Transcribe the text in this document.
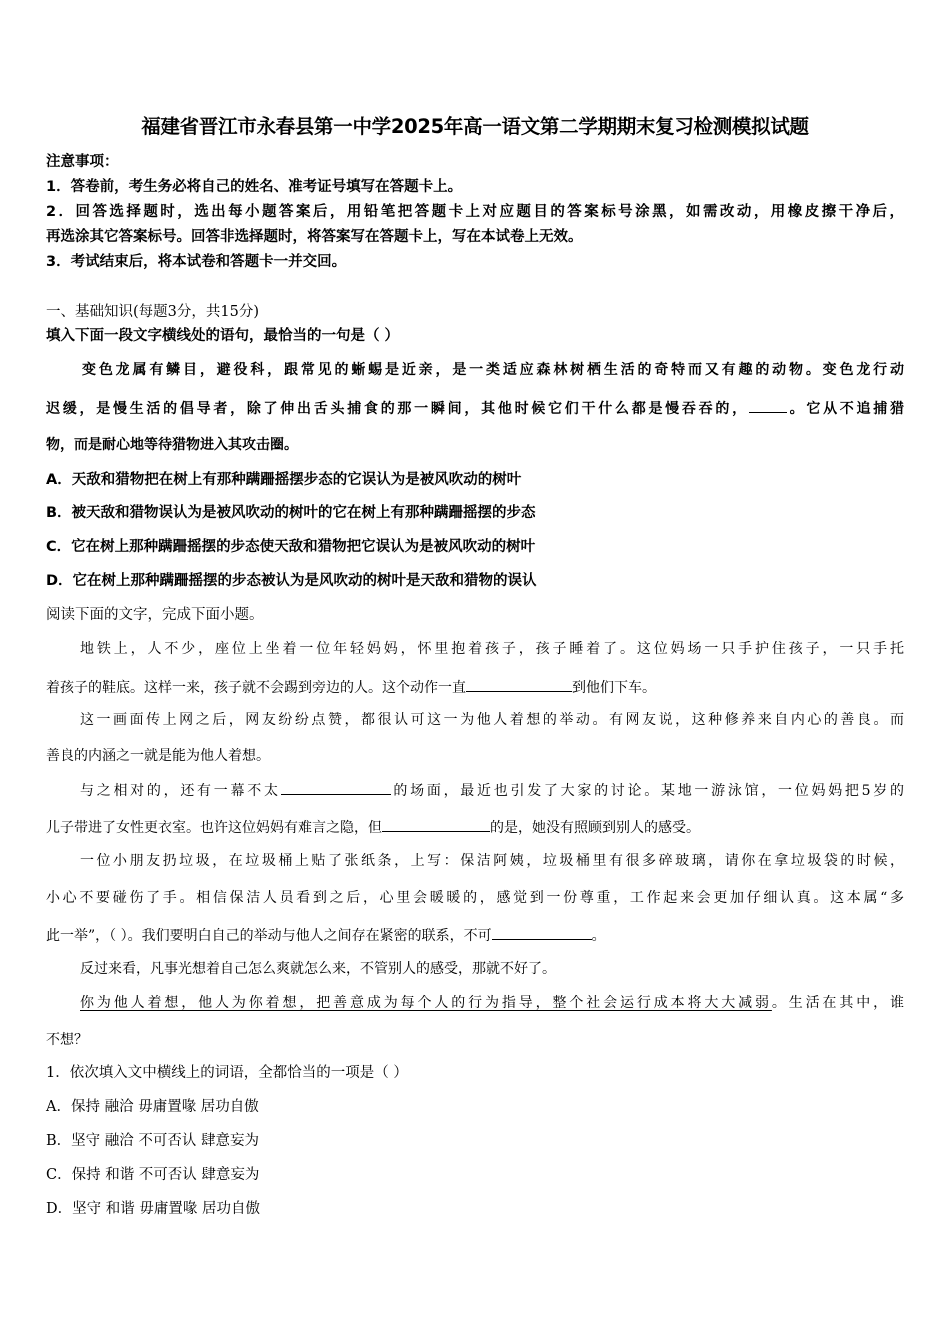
福建省晋江市永春县第一中学2025年高一语文第二学期期末复习检测模拟试题
注意事项：
1．答卷前，考生务必将自己的姓名、准考证号填写在答题卡上。
2．回答选择题时，选出每小题答案后，用铅笔把答题卡上对应题目的答案标号涂黑，如需改动，用橡皮擦干净后，
再选涂其它答案标号。回答非选择题时，将答案写在答题卡上，写在本试卷上无效。
3．考试结束后，将本试卷和答题卡一并交回。
一、基础知识(每题3分，共15分)
填入下面一段文字横线处的语句，最恰当的一句是（ ）
变色龙属有鳞目，避役科，跟常见的蜥蜴是近亲，是一类适应森林树栖生活的奇特而又有趣的动物。变色龙行动
迟缓，是慢生活的倡导者，除了伸出舌头捕食的那一瞬间，其他时候它们干什么都是慢吞吞的，	。它从不追捕猎
物，而是耐心地等待猎物进入其攻击圈。
A．天敌和猎物把在树上有那种蹒跚摇摆步态的它误认为是被风吹动的树叶
B．被天敌和猎物误认为是被风吹动的树叶的它在树上有那种蹒跚摇摆的步态
C．它在树上那种蹒跚摇摆的步态使天敌和猎物把它误认为是被风吹动的树叶
D．它在树上那种蹒跚摇摆的步态被认为是风吹动的树叶是天敌和猎物的误认
阅读下面的文字，完成下面小题。
地铁上，人不少，座位上坐着一位年轻妈妈，怀里抱着孩子，孩子睡着了。这位妈场一只手护住孩子，一只手托
着孩子的鞋底。这样一来，孩子就不会踢到旁边的人。这个动作一直	到他们下车。
这一画面传上网之后，网友纷纷点赞，都很认可这一为他人着想的举动。有网友说，这种修养来自内心的善良。而
善良的内涵之一就是能为他人着想。
与之相对的，还有一幕不太	的场面，最近也引发了大家的讨论。某地一游泳馆，一位妈妈把5岁的
儿子带进了女性更衣室。也许这位妈妈有难言之隐，但	的是，她没有照顾到别人的感受。
一位小朋友扔垃圾，在垃圾桶上贴了张纸条，上写：保洁阿姨，垃圾桶里有很多碎玻璃，请你在拿垃圾袋的时候，
小心不要碰伤了手。相信保洁人员看到之后，心里会暖暖的，感觉到一份尊重，工作起来会更加仔细认真。这本属“多
此一举”，（ ）。我们要明白自己的举动与他人之间存在紧密的联系，不可	。
反过来看，凡事光想着自己怎么爽就怎么来，不管别人的感受，那就不好了。
你为他人着想，他人为你着想，把善意成为每个人的行为指导，整个社会运行成本将大大减弱。生活在其中，谁
不想？
1．依次填入文中横线上的词语，全都恰当的一项是（ ）
A．保持 融洽 毋庸置喙 居功自傲
B．坚守 融洽 不可否认 肆意妄为
C．保持 和谐 不可否认 肆意妄为
D．坚守 和谐 毋庸置喙 居功自傲
